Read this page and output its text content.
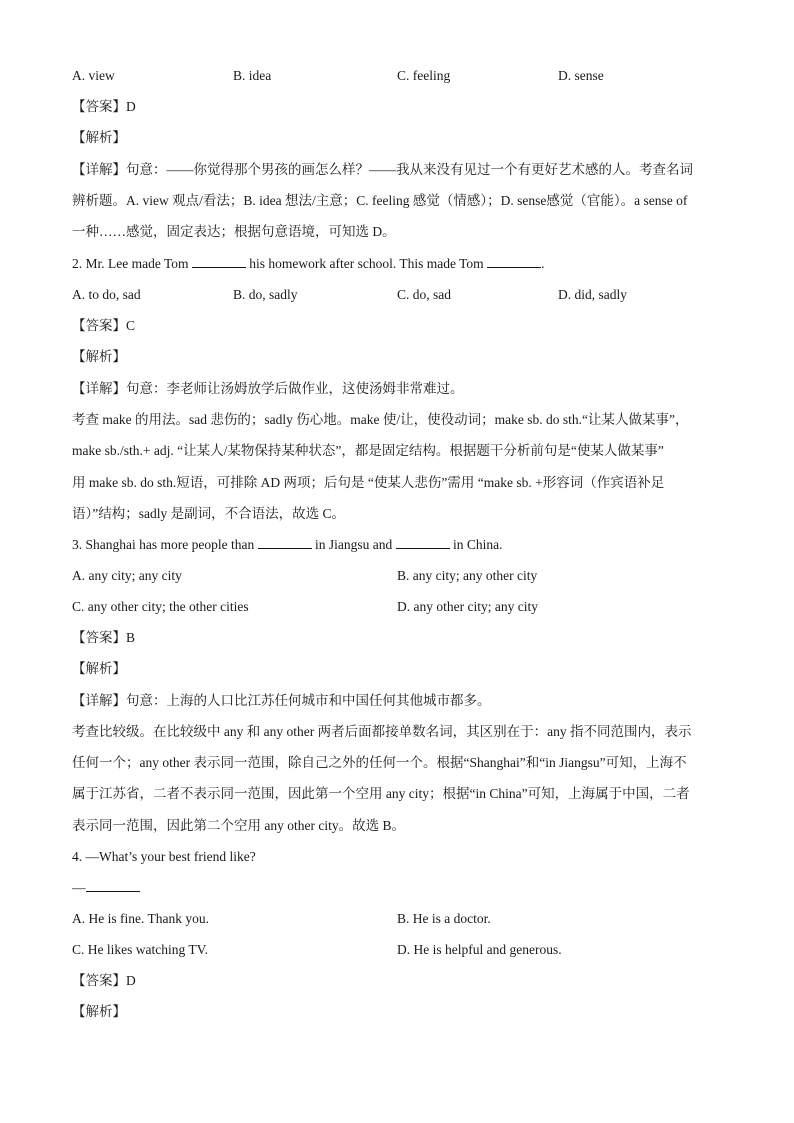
A. view	B. idea	C. feeling	D. sense
【答案】D
【解析】
【详解】句意：——你觉得那个男孩的画怎么样？——我从来没有见过一个有更好艺术感的人。考查名词
辨析题。A. view 观点/看法；B. idea 想法/主意；C. feeling 感觉（情感）；D. sense感觉（官能）。a sense of
一种……感觉，固定表达；根据句意语境，可知选 D。
2. Mr. Lee made Tom	his homework after school. This made Tom	.
A. to do, sad	B. do, sadly	C. do, sad	D. did, sadly
【答案】C
【解析】
【详解】句意：李老师让汤姆放学后做作业，这使汤姆非常难过。
考查 make 的用法。sad 悲伤的；sadly 伤心地。make 使/让，使役动词；make sb. do sth.“让某人做某事”，
make sb./sth.+ adj. “让某人/某物保持某种状态”，都是固定结构。根据题干分析前句是“使某人做某事”
用 make sb. do sth.短语，可排除 AD 两项；后句是 “使某人悲伤”需用 “make sb. +形容词（作宾语补足
语）”结构；sadly 是副词，不合语法，故选 C。
3. Shanghai has more people than	in Jiangsu and	in China.
A. any city; any city	B. any city; any other city
C. any other city; the other cities	D. any other city; any city
【答案】B
【解析】
【详解】句意：上海的人口比江苏任何城市和中国任何其他城市都多。
考查比较级。在比较级中 any 和 any other 两者后面都接单数名词，其区别在于：any 指不同范围内，表示
任何一个；any other 表示同一范围，除自己之外的任何一个。根据“Shanghai”和“in Jiangsu”可知，上海不
属于江苏省，二者不表示同一范围，因此第一个空用 any city；根据“in China”可知，上海属于中国，二者
表示同一范围，因此第二个空用 any other city。故选 B。
4. —What’s your best friend like?
—
A. He is fine. Thank you.	B. He is a doctor.
C. He likes watching TV.	D. He is helpful and generous.
【答案】D
【解析】
